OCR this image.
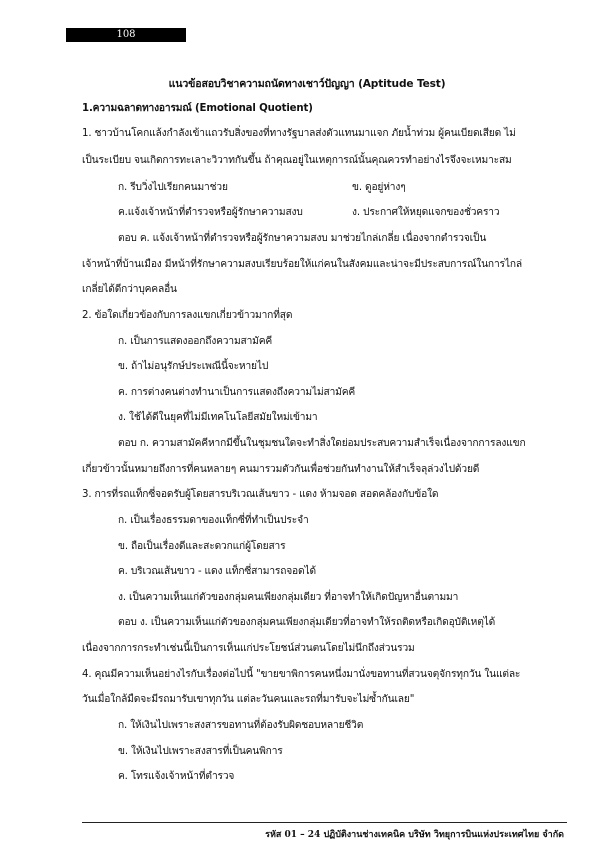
108
แนวข้อสอบวิชาความถนัดทางเชาว์ปัญญา (Aptitude Test)
1.ความฉลาดทางอารมณ์ (Emotional Quotient)
1. ชาวบ้านโคกแล้งกำลังเข้าแถวรับสิ่งของที่ทางรัฐบาลส่งตัวแทนมาแจก ภัยน้ำท่วม ผู้คนเบียดเสียด ไม่
เป็นระเบียบ จนเกิดการทะเลาะวิวาทกันขึ้น ถ้าคุณอยู่ในเหตุการณ์นั้นคุณควรทำอย่างไรจึงจะเหมาะสม
ก. รีบวิ่งไปเรียกคนมาช่วย	ข. ดูอยู่ห่างๆ
ค.แจ้งเจ้าหน้าที่ตำรวจหรือผู้รักษาความสงบ	ง. ประกาศให้หยุดแจกของชั่วคราว
ตอบ ค. แจ้งเจ้าหน้าที่ตำรวจหรือผู้รักษาความสงบ มาช่วยไกล่เกลี่ย เนื่องจากตำรวจเป็น
เจ้าหน้าที่บ้านเมือง มีหน้าที่รักษาความสงบเรียบร้อยให้แก่คนในสังคมและน่าจะมีประสบการณ์ในการไกล่
เกลี่ยได้ดีกว่าบุคคลอื่น
2. ข้อใดเกี่ยวข้องกับการลงแขกเกี่ยวข้าวมากที่สุด
ก. เป็นการแสดงออกถึงความสามัคคี
ข. ถ้าไม่อนุรักษ์ประเพณีนี้จะหายไป
ค. การต่างคนต่างทำนาเป็นการแสดงถึงความไม่สามัคคี
ง. ใช้ได้ดีในยุคที่ไม่มีเทคโนโลยีสมัยใหม่เข้ามา
ตอบ ก. ความสามัคคีหากมีขึ้นในชุมชนใดจะทำสิ่งใดย่อมประสบความสำเร็จเนื่องจากการลงแขก
เกี่ยวข้าวนั้นหมายถึงการที่คนหลายๆ คนมารวมตัวกันเพื่อช่วยกันทำงานให้สำเร็จลุล่วงไปด้วยดี
3. การที่รถแท็กซี่จอดรับผู้โดยสารบริเวณเส้นขาว - แดง ห้ามจอด สอดคล้องกับข้อใด
ก. เป็นเรื่องธรรมดาของแท็กซี่ที่ทำเป็นประจำ
ข. ถือเป็นเรื่องดีและสะดวกแก่ผู้โดยสาร
ค. บริเวณเส้นขาว - แดง แท็กซี่สามารถจอดได้
ง. เป็นความเห็นแก่ตัวของกลุ่มคนเพียงกลุ่มเดียว ที่อาจทำให้เกิดปัญหาอื่นตามมา
ตอบ ง. เป็นความเห็นแก่ตัวของกลุ่มคนเพียงกลุ่มเดียวที่อาจทำให้รถติดหรือเกิดอุบัติเหตุได้
เนื่องจากการกระทำเช่นนี้เป็นการเห็นแก่ประโยชน์ส่วนตนโดยไม่นึกถึงส่วนรวม
4. คุณมีความเห็นอย่างไรกับเรื่องต่อไปนี้ "ขายขาพิการคนหนึ่งมานั่งขอทานที่สวนจตุจักรทุกวัน ในแต่ละ
วันเมื่อใกล้มืดจะมีรถมารับเขาทุกวัน แต่ละวันคนและรถที่มารับจะไม่ซ้ำกันเลย"
ก. ให้เงินไปเพราะสงสารขอทานที่ต้องรับผิดชอบหลายชีวิต
ข. ให้เงินไปเพราะสงสารที่เป็นคนพิการ
ค. โทรแจ้งเจ้าหน้าที่ตำรวจ
รหัส 01 – 24 ปฏิบัติงานช่างเทคนิค บริษัท วิทยุการบินแห่งประเทศไทย จำกัด
